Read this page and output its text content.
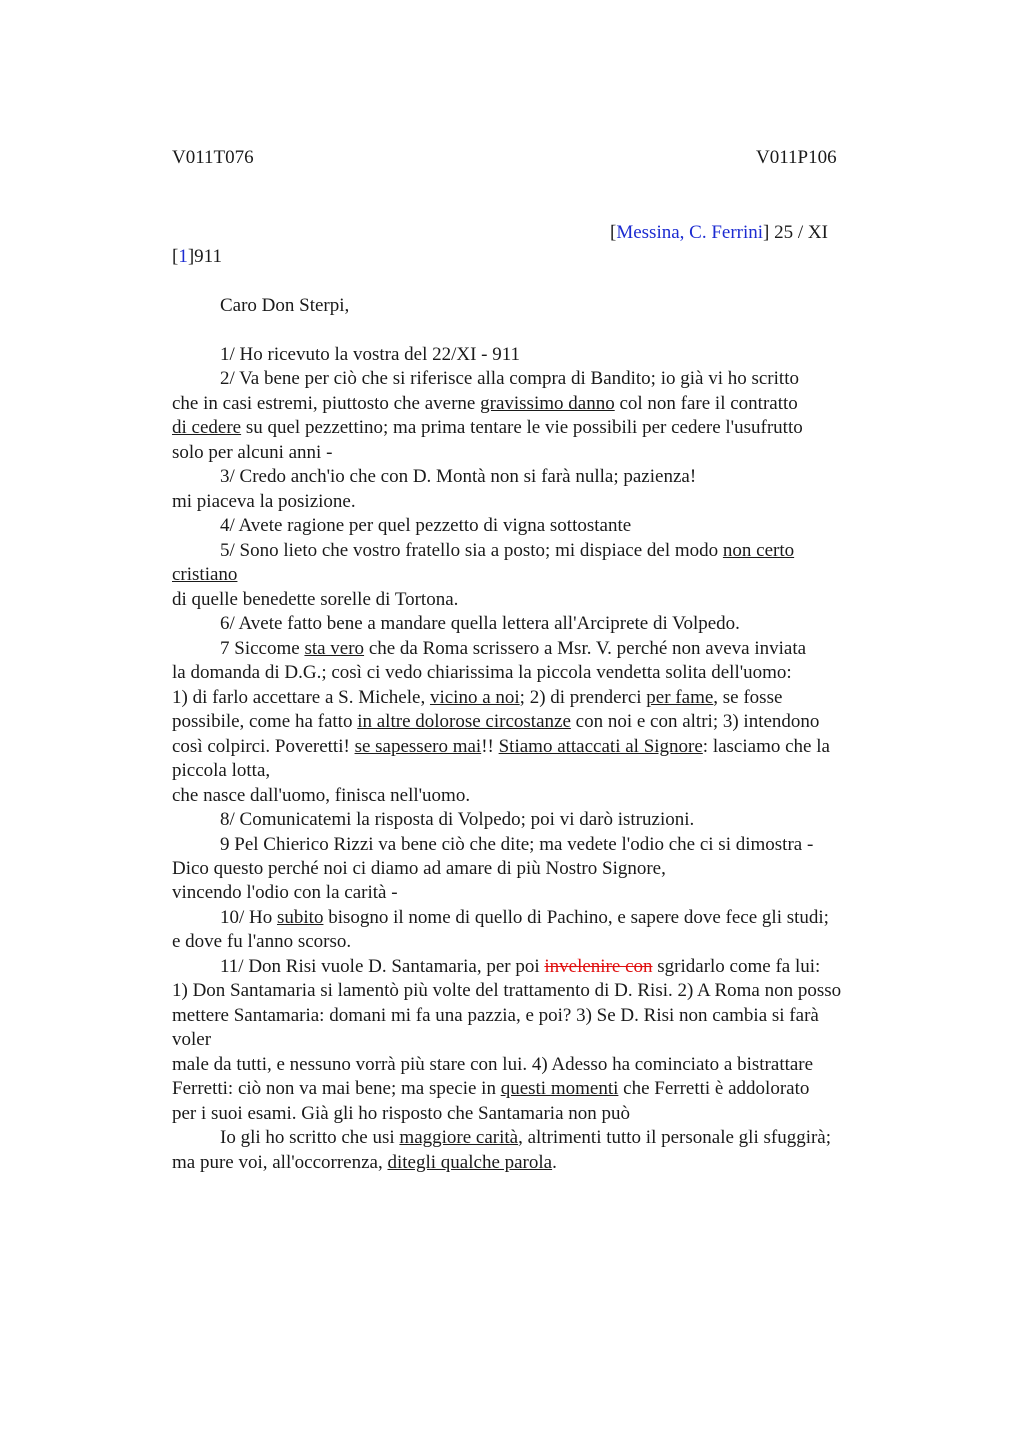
V011T076	V011P106
[Messina, C. Ferrini] 25 / XI
[1]911
Caro Don Sterpi,
1/ Ho ricevuto la vostra del 22/XI - 911
2/ Va bene per ciò che si riferisce alla compra di Bandito; io già vi ho scritto
che in casi estremi, piuttosto che averne gravissimo danno col non fare il contratto
di cedere su quel pezzettino; ma prima tentare le vie possibili per cedere l'usufrutto
solo per alcuni anni -
3/ Credo anch'io che con D. Montà non si farà nulla; pazienza!
mi piaceva la posizione.
4/ Avete ragione per quel pezzetto di vigna sottostante
5/ Sono lieto che vostro fratello sia a posto; mi dispiace del modo non certo
cristiano
di quelle benedette sorelle di Tortona.
6/ Avete fatto bene a mandare quella lettera all'Arciprete di Volpedo.
7 Siccome sta vero che da Roma scrissero a Msr. V. perché non aveva inviata
la domanda di D.G.; così ci vedo chiarissima la piccola vendetta solita dell'uomo:
1) di farlo accettare a S. Michele, vicino a noi; 2) di prenderci per fame, se fosse
possibile, come ha fatto in altre dolorose circostanze con noi e con altri; 3) intendono
così colpirci. Poveretti! se sapessero mai!! Stiamo attaccati al Signore: lasciamo che la
piccola lotta,
che nasce dall'uomo, finisca nell'uomo.
8/ Comunicatemi la risposta di Volpedo; poi vi darò istruzioni.
9 Pel Chierico Rizzi va bene ciò che dite; ma vedete l'odio che ci si dimostra -
Dico questo perché noi ci diamo ad amare di più Nostro Signore,
vincendo l'odio con la carità -
10/ Ho subito bisogno il nome di quello di Pachino, e sapere dove fece gli studi;
e dove fu l'anno scorso.
11/ Don Risi vuole D. Santamaria, per poi invelenire con sgridarlo come fa lui:
1) Don Santamaria si lamentò più volte del trattamento di D. Risi. 2) A Roma non posso
mettere Santamaria: domani mi fa una pazzia, e poi? 3) Se D. Risi non cambia si farà
voler
male da tutti, e nessuno vorrà più stare con lui. 4) Adesso ha cominciato a bistrattare
Ferretti: ciò non va mai bene; ma specie in questi momenti che Ferretti è addolorato
per i suoi esami. Già gli ho risposto che Santamaria non può
Io gli ho scritto che usi maggiore carità, altrimenti tutto il personale gli sfuggirà;
ma pure voi, all'occorrenza, ditegli qualche parola.
